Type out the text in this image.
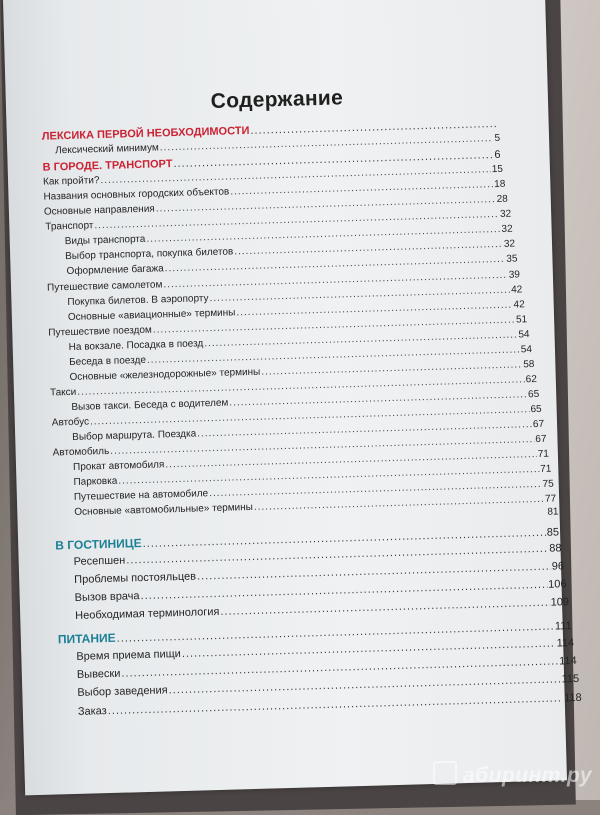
Содержание
ЛЕКСИКА ПЕРВОЙ НЕОБХОДИМОСТИ
.....
Лексический минимум
.....
5
В ГОРОДЕ. ТРАНСПОРТ
.....
6
Как пройти?
.....
15
Названия основных городских объектов
.....
18
Основные направления
.....
28
Транспорт
.....
32
Виды транспорта
.....
32
Выбор транспорта, покупка билетов
.....
32
Оформление багажа
.....
35
Путешествие самолетом
.....
39
Покупка билетов. В аэропорту
.....
42
Основные «авиационные» термины
.....
42
Путешествие поездом
.....
51
На вокзале. Посадка в поезд
.....
54
Беседа в поезде
.....
54
Основные «железнодорожные» термины
.....
58
Такси
.....
62
Вызов такси. Беседа с водителем
.....
65
Автобус
.....
65
Выбор маршрута. Поездка
.....
67
Автомобиль
.....
67
Прокат автомобиля
.....
71
Парковка
.....
71
Путешествие на автомобиле
.....
75
Основные «автомобильные» термины
.....
77
81
В ГОСТИНИЦЕ
.....
85
Ресепшен
.....
88
Проблемы постояльцев
.....
96
Вызов врача
.....
106
Необходимая терминология
.....
109
ПИТАНИЕ
.....
111
Время приема пищи
.....
114
Вывески
.....
114
Выбор заведения
.....
115
Заказ
.....
118
абиринт.ру
